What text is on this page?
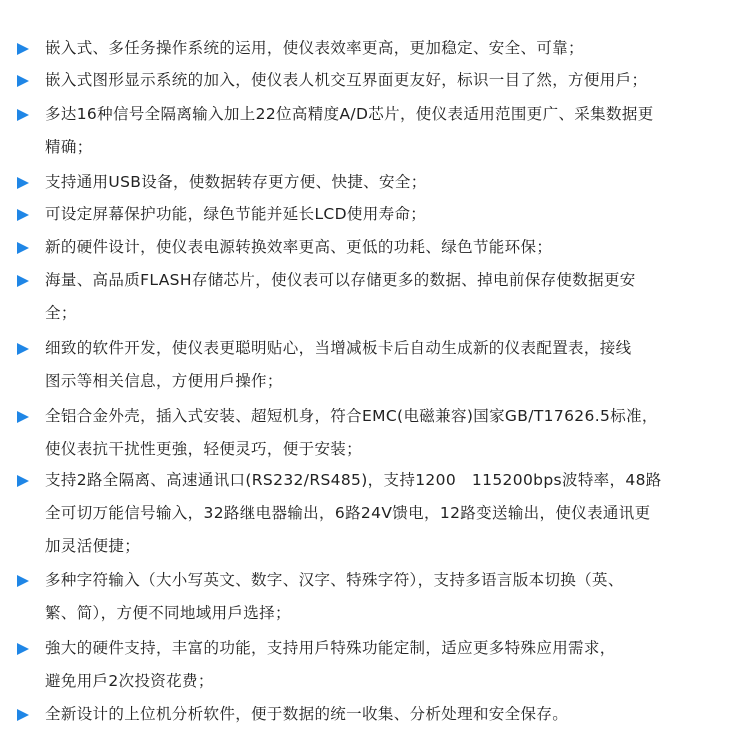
嵌入式、多任务操作系统的运用，使仪表效率更高，更加稳定、安全、可靠；
嵌入式图形显示系统的加入，使仪表人机交互界面更友好，标识一目了然，方便用戶；
多达16种信号全隔离输入加上22位高精度A/D芯片，使仪表适用范围更广、采集数据更
精确；
支持通用USB设备，使数据转存更方便、快捷、安全；
可设定屏幕保护功能，绿色节能并延长LCD使用寿命；
新的硬件设计，使仪表电源转换效率更高、更低的功耗、绿色节能环保；
海量、高品质FLASH存储芯片，使仪表可以存储更多的数据、掉电前保存使数据更安
全；
细致的软件开发，使仪表更聪明贴心，当增减板卡后自动生成新的仪表配置表，接线
图示等相关信息，方便用戶操作；
全铝合金外壳，插入式安装、超短机身，符合EMC(电磁兼容)国家GB/T17626.5标准，
使仪表抗干扰性更強，轻便灵巧，便于安装；
支持2路全隔离、高速通讯口(RS232/RS485)，支持1200　115200bps波特率，48路
全可切万能信号输入，32路继电器输出，6路24V馈电，12路变送输出，使仪表通讯更
加灵活便捷；
多种字符输入（大小写英文、数字、汉字、特殊字符），支持多语言版本切换（英、
繁、简），方便不同地域用戶选择；
強大的硬件支持，丰富的功能，支持用戶特殊功能定制，适应更多特殊应用需求，
避免用戶2次投资花费；
全新设计的上位机分析软件，便于数据的统一收集、分析处理和安全保存。
